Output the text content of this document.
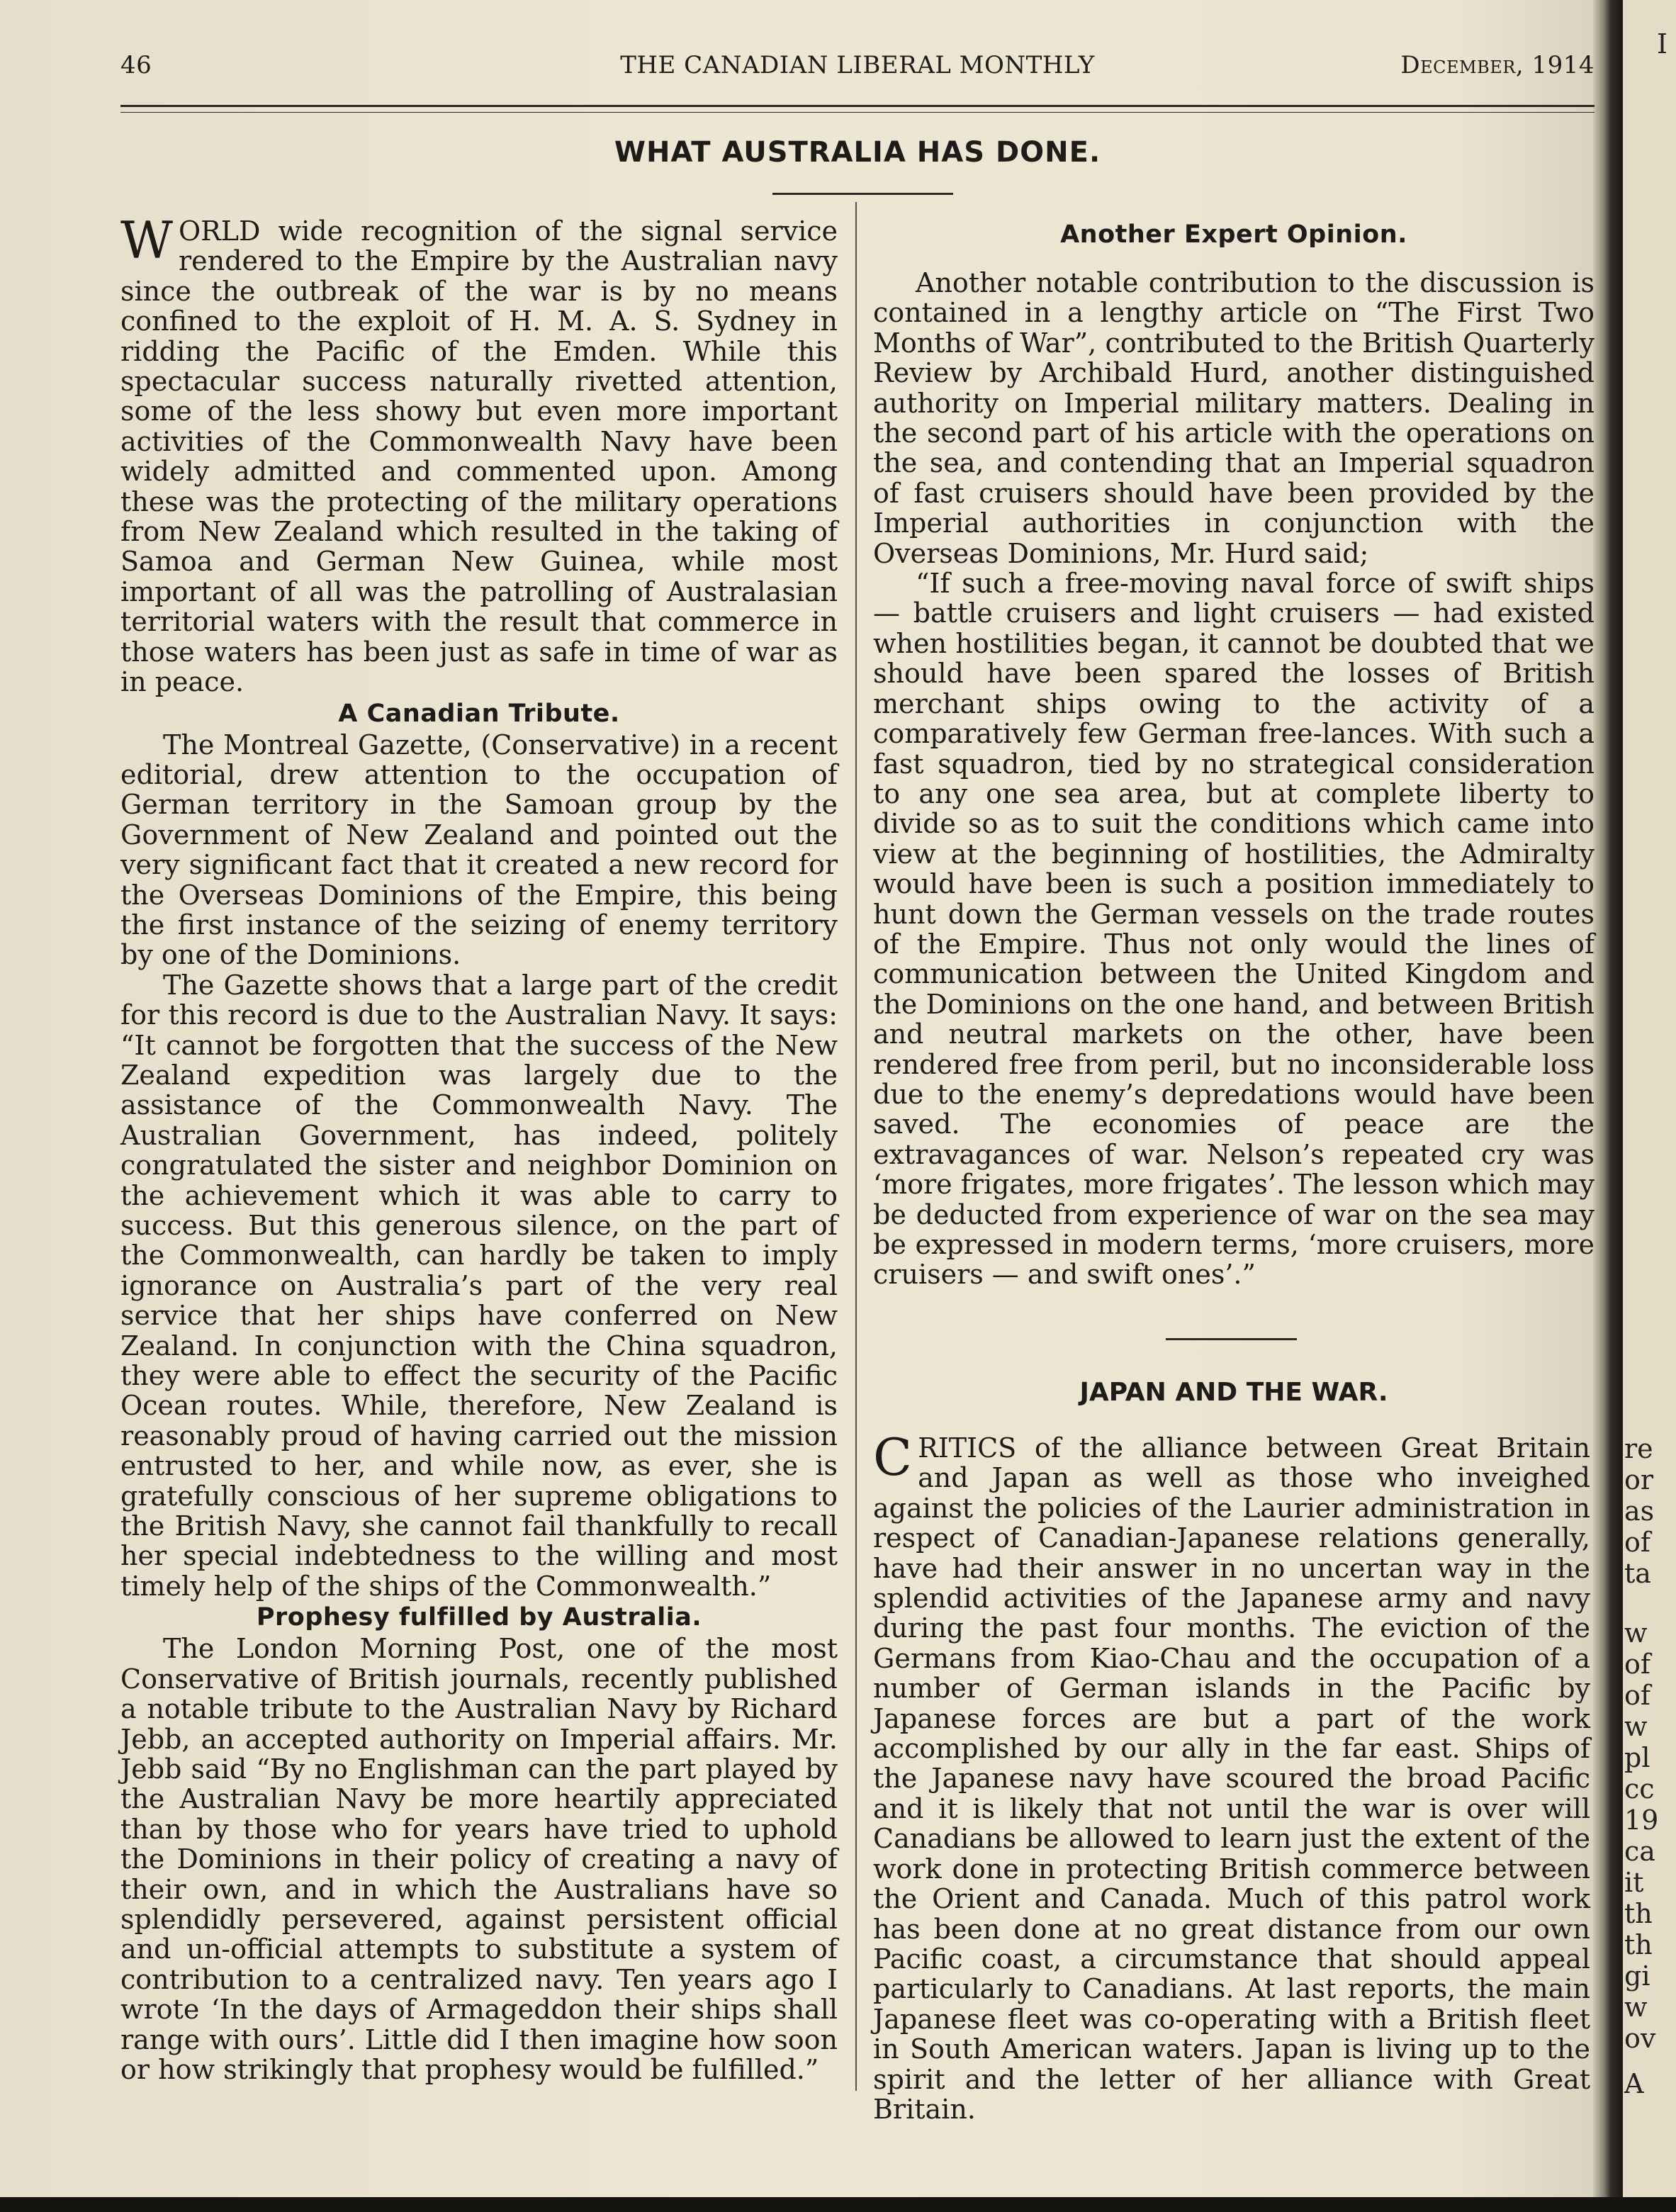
I
re
or
as
of
ta
w
of
of
w
pl
cc
19
ca
it
th
th
gi
w
ov
A
46	THE CANADIAN LIBERAL MONTHLY	December, 1914
WHAT AUSTRALIA HAS DONE.

WORLD wide recognition of the signal service rendered to the Empire by the Australian navy since the outbreak of the war is by no means confined to the exploit of H. M. A. S. Sydney in ridding the Pacific of the Emden. While this spectacular success naturally rivetted attention, some of the less showy but even more important activities of the Commonwealth Navy have been widely admitted and commented upon. Among these was the protecting of the military operations from New Zealand which resulted in the taking of Samoa and German New Guinea, while most important of all was the patrolling of Australasian territorial waters with the result that commerce in those waters has been just as safe in time of war as in peace.

A Canadian Tribute.

The Montreal Gazette, (Conservative) in a recent editorial, drew attention to the occupation of German territory in the Samoan group by the Government of New Zealand and pointed out the very significant fact that it created a new record for the Overseas Dominions of the Empire, this being the first instance of the seizing of enemy territory by one of the Dominions.

The Gazette shows that a large part of the credit for this record is due to the Australian Navy. It says: “It cannot be forgotten that the success of the New Zealand expedition was largely due to the assistance of the Commonwealth Navy. The Australian Government, has indeed, politely congratulated the sister and neighbor Dominion on the achievement which it was able to carry to success. But this generous silence, on the part of the Commonwealth, can hardly be taken to imply ignorance on Australia’s part of the very real service that her ships have conferred on New Zealand. In conjunction with the China squadron, they were able to effect the security of the Pacific Ocean routes. While, therefore, New Zealand is reasonably proud of having carried out the mission entrusted to her, and while now, as ever, she is gratefully conscious of her supreme obligations to the British Navy, she cannot fail thankfully to recall her special indebtedness to the willing and most timely help of the ships of the Commonwealth.”

Prophesy fulfilled by Australia.

The London Morning Post, one of the most Conservative of British journals, recently published a notable tribute to the Australian Navy by Richard Jebb, an accepted authority on Imperial affairs. Mr. Jebb said “By no Englishman can the part played by the Australian Navy be more heartily appreciated than by those who for years have tried to uphold the Dominions in their policy of creating a navy of their own, and in which the Australians have so splendidly persevered, against persistent official and un-official attempts to substitute a system of contribution to a centralized navy. Ten years ago I wrote ‘In the days of Armageddon their ships shall range with ours’. Little did I then imagine how soon or how strikingly that prophesy would be fulfilled.”

Another Expert Opinion.

Another notable contribution to the discussion is contained in a lengthy article on “The First Two Months of War”, contributed to the British Quarterly Review by Archibald Hurd, another distinguished authority on Imperial military matters. Dealing in the second part of his article with the operations on the sea, and contending that an Imperial squadron of fast cruisers should have been provided by the Imperial authorities in conjunction with the Overseas Dominions, Mr. Hurd said;

“If such a free-moving naval force of swift ships — battle cruisers and light cruisers — had existed when hostilities began, it cannot be doubted that we should have been spared the losses of British merchant ships owing to the activity of a comparatively few German free-lances. With such a fast squadron, tied by no strategical consideration to any one sea area, but at complete liberty to divide so as to suit the conditions which came into view at the beginning of hostilities, the Admiralty would have been is such a position immediately to hunt down the German vessels on the trade routes of the Empire. Thus not only would the lines of communication between the United Kingdom and the Dominions on the one hand, and between British and neutral markets on the other, have been rendered free from peril, but no inconsiderable loss due to the enemy’s depredations would have been saved. The economies of peace are the extravagances of war. Nelson’s repeated cry was ‘more frigates, more frigates’. The lesson which may be deducted from experience of war on the sea may be expressed in modern terms, ‘more cruisers, more cruisers — and swift ones’.”

JAPAN AND THE WAR.

CRITICS of the alliance between Great Britain and Japan as well as those who inveighed against the policies of the Laurier administration in respect of Canadian-Japanese relations generally, have had their answer in no uncertan way in the splendid activities of the Japanese army and navy during the past four months. The eviction of the Germans from Kiao-Chau and the occupation of a number of German islands in the Pacific by Japanese forces are but a part of the work accomplished by our ally in the far east. Ships of the Japanese navy have scoured the broad Pacific and it is likely that not until the war is over will Canadians be allowed to learn just the extent of the work done in protecting British commerce between the Orient and Canada. Much of this patrol work has been done at no great distance from our own Pacific coast, a circumstance that should appeal particularly to Canadians. At last reports, the main Japanese fleet was co-operating with a British fleet in South American waters. Japan is living up to the spirit and the letter of her alliance with Great Britain.
